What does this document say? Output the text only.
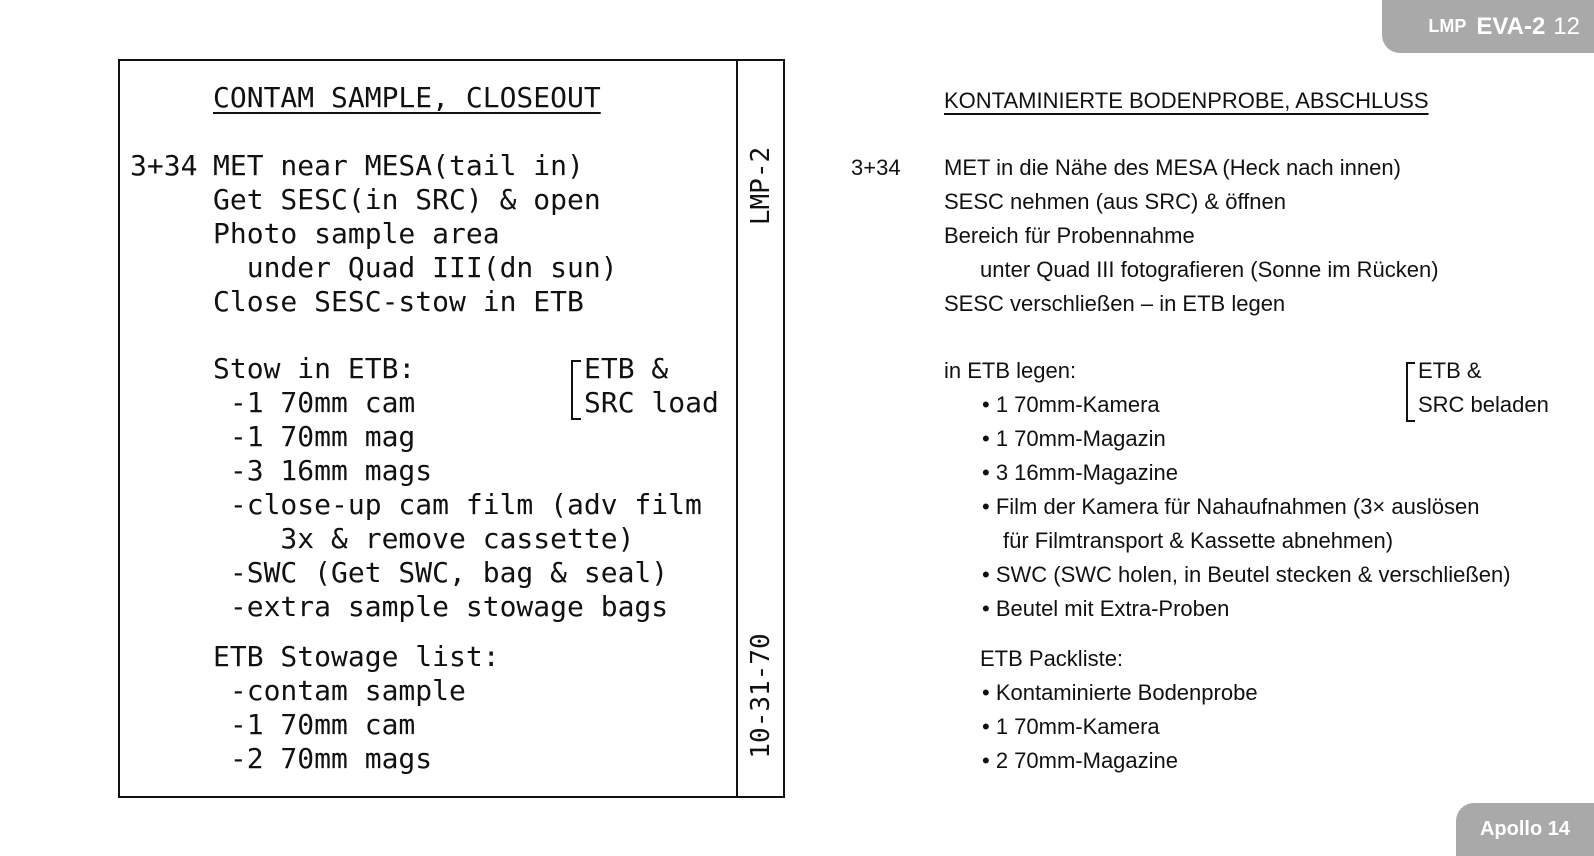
LMP EVA-2 12
Apollo 14
CONTAM SAMPLE, CLOSEOUT
3+34 MET near MESA(tail in)
Get SESC(in SRC) & open
Photo sample area
under Quad III(dn sun)
Close SESC-stow in ETB
Stow in ETB:	ETB &
SRC load
-1 70mm cam
-1 70mm mag
-3 16mm mags
-close-up cam film (adv film
3x & remove cassette)
-SWC (Get SWC, bag & seal)
-extra sample stowage bags
ETB Stowage list:
-contam sample
-1 70mm cam
-2 70mm mags
LMP-2
10-31-70
KONTAMINIERTE BODENPROBE, ABSCHLUSS
3+34 MET in die Nähe des MESA (Heck nach innen)
SESC nehmen (aus SRC) & öffnen
Bereich für Probennahme
unter Quad III fotografieren (Sonne im Rücken)
SESC verschließen – in ETB legen
in ETB legen:	ETB &
SRC beladen
• 1 70mm-Kamera
• 1 70mm-Magazin
• 3 16mm-Magazine
• Film der Kamera für Nahaufnahmen (3× auslösen
für Filmtransport & Kassette abnehmen)
• SWC (SWC holen, in Beutel stecken & verschließen)
• Beutel mit Extra-Proben
ETB Packliste:
• Kontaminierte Bodenprobe
• 1 70mm-Kamera
• 2 70mm-Magazine
